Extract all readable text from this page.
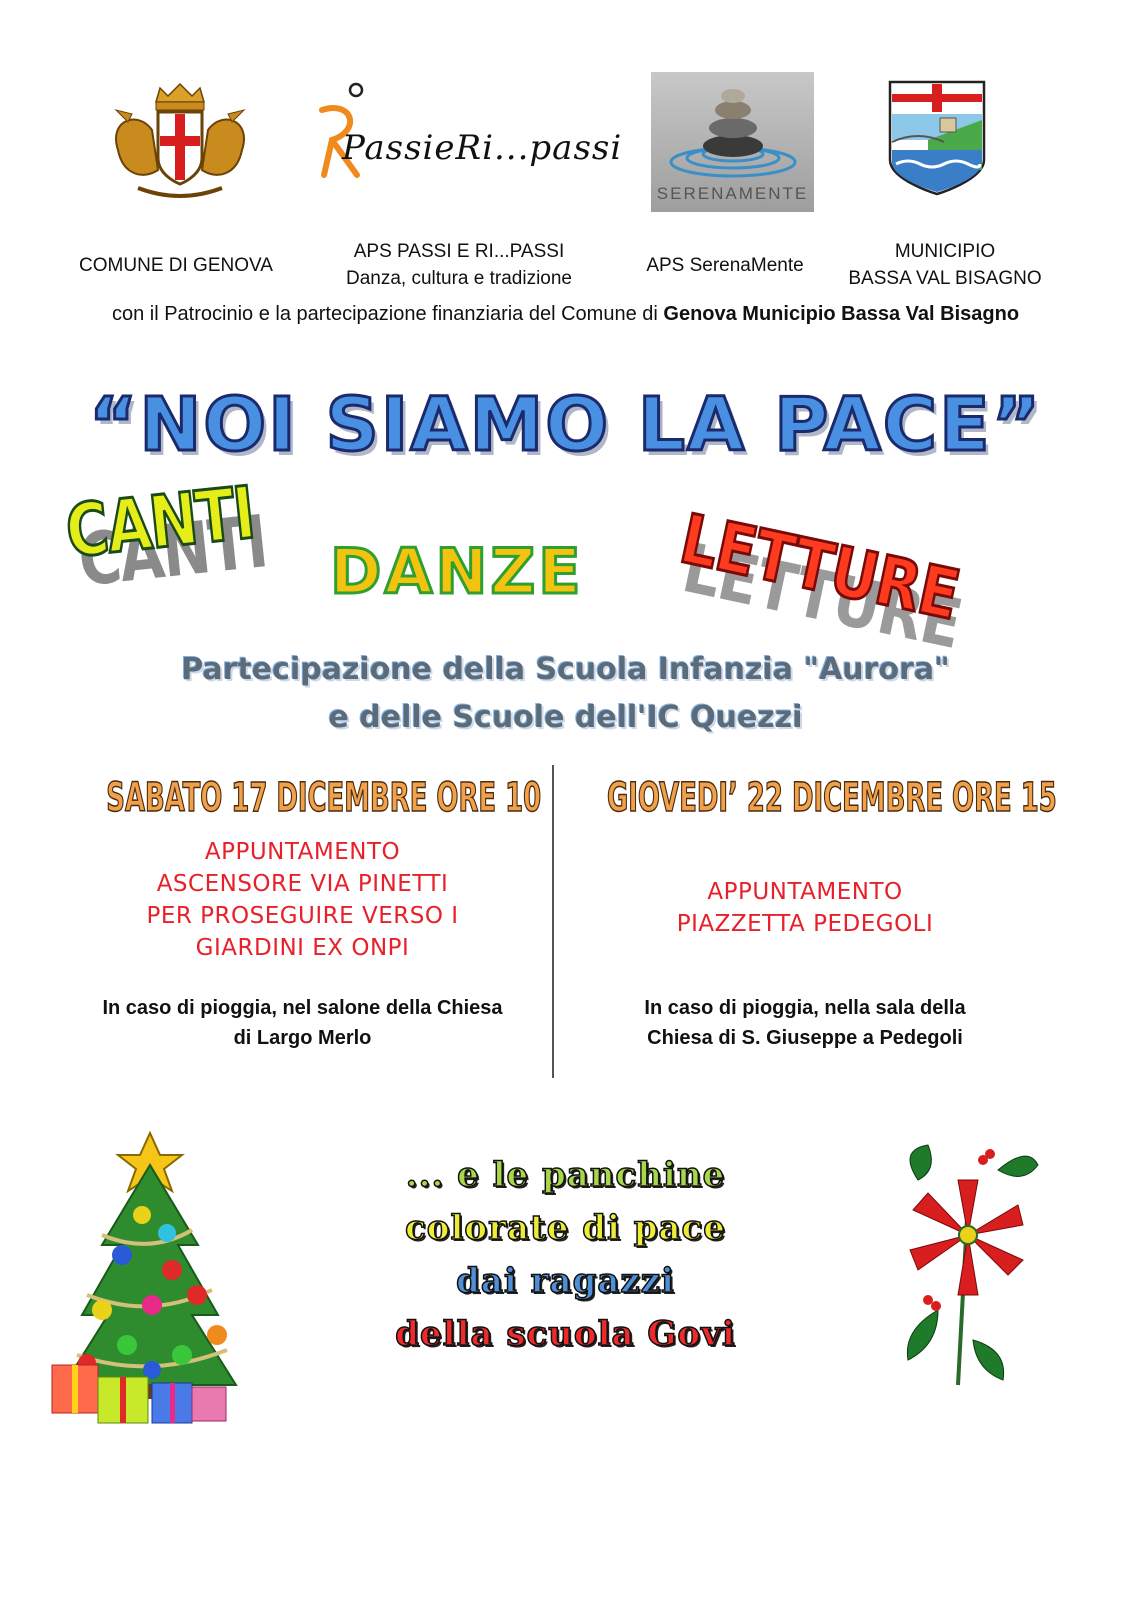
PassieRi...passi
SERENAMENTE
COMUNE DI GENOVA
APS PASSI E RI...PASSI
Danza, cultura e tradizione
APS SerenaMente
MUNICIPIO
BASSA VAL BISAGNO
con il Patrocinio e la partecipazione finanziaria del Comune di Genova Municipio Bassa Val Bisagno
“NOI SIAMO LA PACE”
CANTI DANZE LETTURE
Partecipazione della Scuola Infanzia "Aurora"
e delle Scuole dell'IC Quezzi
SABATO 17 DICEMBRE ORE 10
APPUNTAMENTO
ASCENSORE VIA PINETTI
PER PROSEGUIRE VERSO I
GIARDINI EX ONPI
In caso di pioggia, nel salone della Chiesa
di Largo Merlo
GIOVEDI’ 22 DICEMBRE ORE 15
APPUNTAMENTO
PIAZZETTA PEDEGOLI
In caso di pioggia, nella sala della
Chiesa di S. Giuseppe a Pedegoli
... e le panchine
colorate di pace
dai ragazzi
della scuola Govi
